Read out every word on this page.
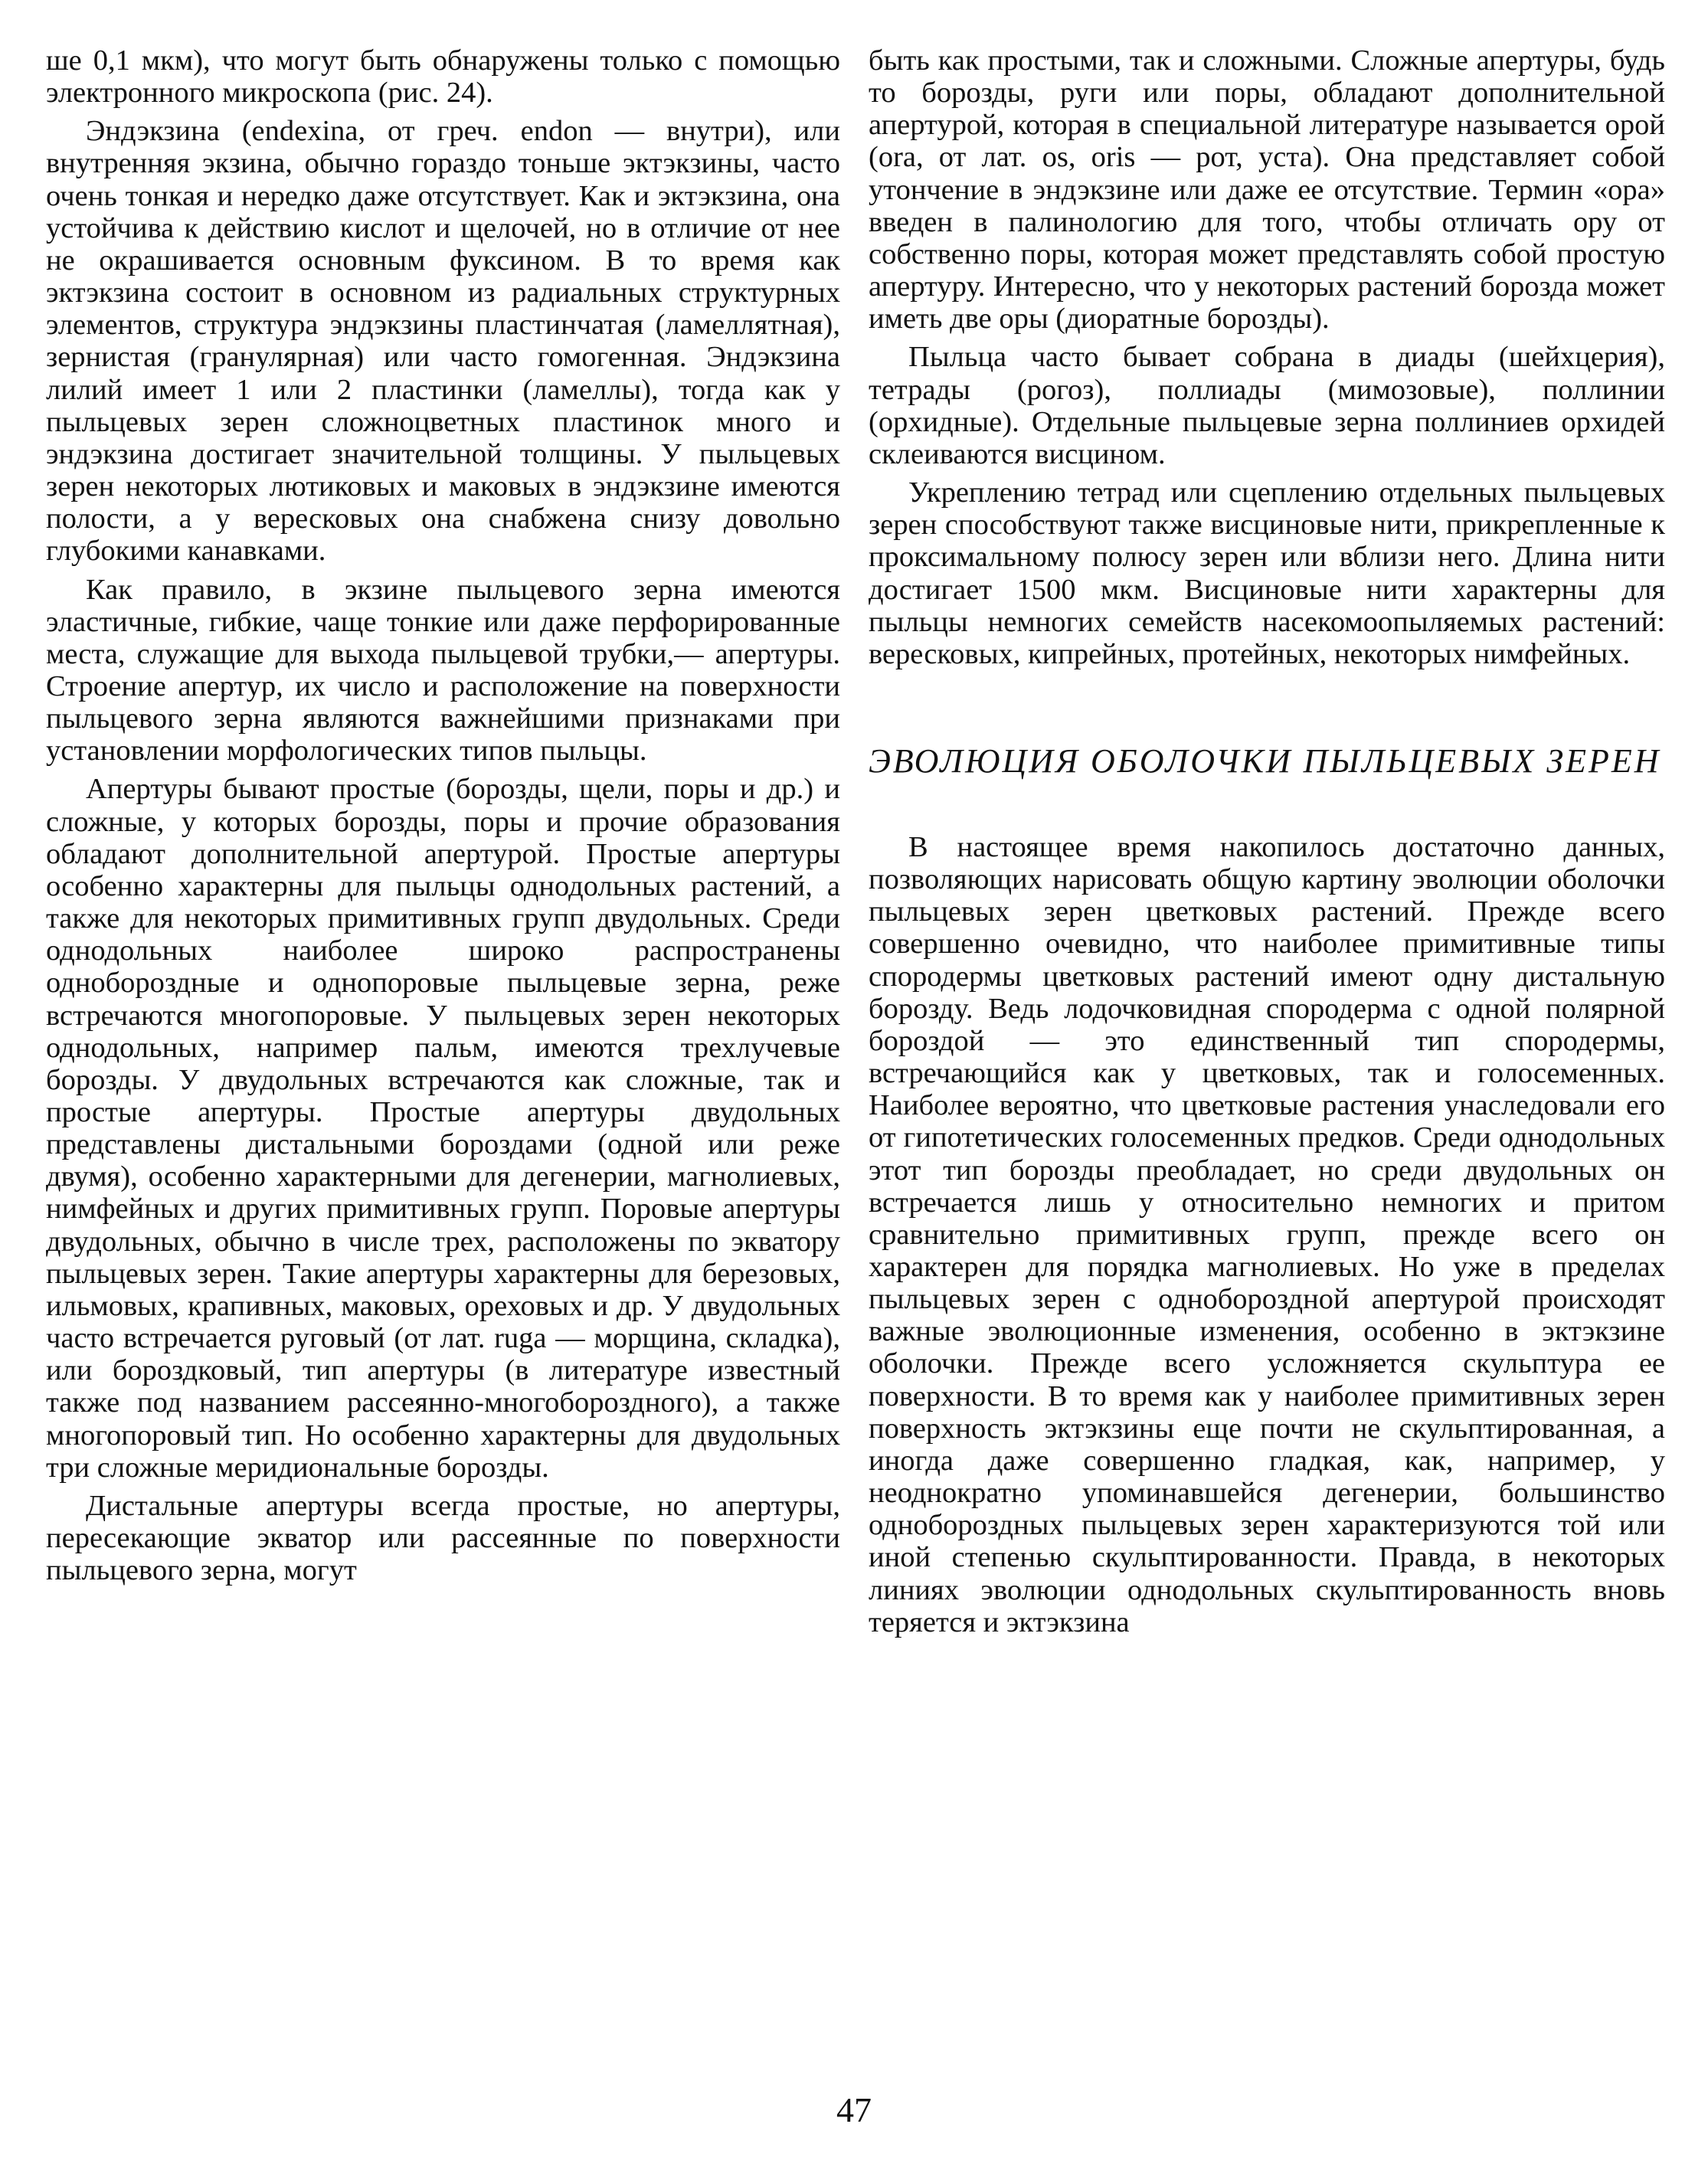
ше 0,1 мкм), что могут быть обнаружены только с помощью электронного микроскопа (рис. 24).

Эндэкзина (endexina, от греч. endon — внутри), или внутренняя экзина, обычно гораздо тоньше эктэкзины, часто очень тонкая и нередко даже отсутствует. Как и эктэкзина, она устойчива к действию кислот и щелочей, но в отличие от нее не окрашивается основным фуксином. В то время как эктэкзина состоит в основном из радиальных структурных элементов, структура эндэкзины пластинчатая (ламеллятная), зернистая (гранулярная) или часто гомогенная. Эндэкзина лилий имеет 1 или 2 пластинки (ламеллы), тогда как у пыльцевых зерен сложноцветных пластинок много и эндэкзина достигает значительной толщины. У пыльцевых зерен некоторых лютиковых и маковых в эндэкзине имеются полости, а у вересковых она снабжена снизу довольно глубокими канавками.

Как правило, в экзине пыльцевого зерна имеются эластичные, гибкие, чаще тонкие или даже перфорированные места, служащие для выхода пыльцевой трубки,— апертуры. Строение апертур, их число и расположение на поверхности пыльцевого зерна являются важнейшими признаками при установлении морфологических типов пыльцы.

Апертуры бывают простые (борозды, щели, поры и др.) и сложные, у которых борозды, поры и прочие образования обладают дополнительной апертурой. Простые апертуры особенно характерны для пыльцы однодольных растений, а также для некоторых примитивных групп двудольных. Среди однодольных наиболее широко распространены однобороздные и однопоровые пыльцевые зерна, реже встречаются многопоровые. У пыльцевых зерен некоторых однодольных, например пальм, имеются трехлучевые борозды. У двудольных встречаются как сложные, так и простые апертуры. Простые апертуры двудольных представлены дистальными бороздами (одной или реже двумя), особенно характерными для дегенерии, магнолиевых, нимфейных и других примитивных групп. Поровые апертуры двудольных, обычно в числе трех, расположены по экватору пыльцевых зерен. Такие апертуры характерны для березовых, ильмовых, крапивных, маковых, ореховых и др. У двудольных часто встречается руговый (от лат. ruga — морщина, складка), или бороздковый, тип апертуры (в литературе известный также под названием рассеянно-многобороздного), а также многопоровый тип. Но особенно характерны для двудольных три сложные меридиональные борозды.

Дистальные апертуры всегда простые, но апертуры, пересекающие экватор или рассеянные по поверхности пыльцевого зерна, могут

быть как простыми, так и сложными. Сложные апертуры, будь то борозды, руги или поры, обладают дополнительной апертурой, которая в специальной литературе называется орой (ora, от лат. os, oris — рот, уста). Она представляет собой утончение в эндэкзине или даже ее отсутствие. Термин «ора» введен в палинологию для того, чтобы отличать ору от собственно поры, которая может представлять собой простую апертуру. Интересно, что у некоторых растений борозда может иметь две оры (диоратные борозды).

Пыльца часто бывает собрана в диады (шейхцерия), тетрады (рогоз), поллиады (мимозовые), поллинии (орхидные). Отдельные пыльцевые зерна поллиниев орхидей склеиваются висцином.

Укреплению тетрад или сцеплению отдельных пыльцевых зерен способствуют также висциновые нити, прикрепленные к проксимальному полюсу зерен или вблизи него. Длина нити достигает 1500 мкм. Висциновые нити характерны для пыльцы немногих семейств насекомоопыляемых растений: вересковых, кипрейных, протейных, некоторых нимфейных.

ЭВОЛЮЦИЯ ОБОЛОЧКИ ПЫЛЬЦЕВЫХ ЗЕРЕН

В настоящее время накопилось достаточно данных, позволяющих нарисовать общую картину эволюции оболочки пыльцевых зерен цветковых растений. Прежде всего совершенно очевидно, что наиболее примитивные типы спородермы цветковых растений имеют одну дистальную борозду. Ведь лодочковидная спородерма с одной полярной бороздой — это единственный тип спородермы, встречающийся как у цветковых, так и голосеменных. Наиболее вероятно, что цветковые растения унаследовали его от гипотетических голосеменных предков. Среди однодольных этот тип борозды преобладает, но среди двудольных он встречается лишь у относительно немногих и притом сравнительно примитивных групп, прежде всего он характерен для порядка магнолиевых. Но уже в пределах пыльцевых зерен с однобороздной апертурой происходят важные эволюционные изменения, особенно в эктэкзине оболочки. Прежде всего усложняется скульптура ее поверхности. В то время как у наиболее примитивных зерен поверхность эктэкзины еще почти не скульптированная, а иногда даже совершенно гладкая, как, например, у неоднократно упоминавшейся дегенерии, большинство однобороздных пыльцевых зерен характеризуются той или иной степенью скульптированности. Правда, в некоторых линиях эволюции однодольных скульптированность вновь теряется и эктэкзина

47
